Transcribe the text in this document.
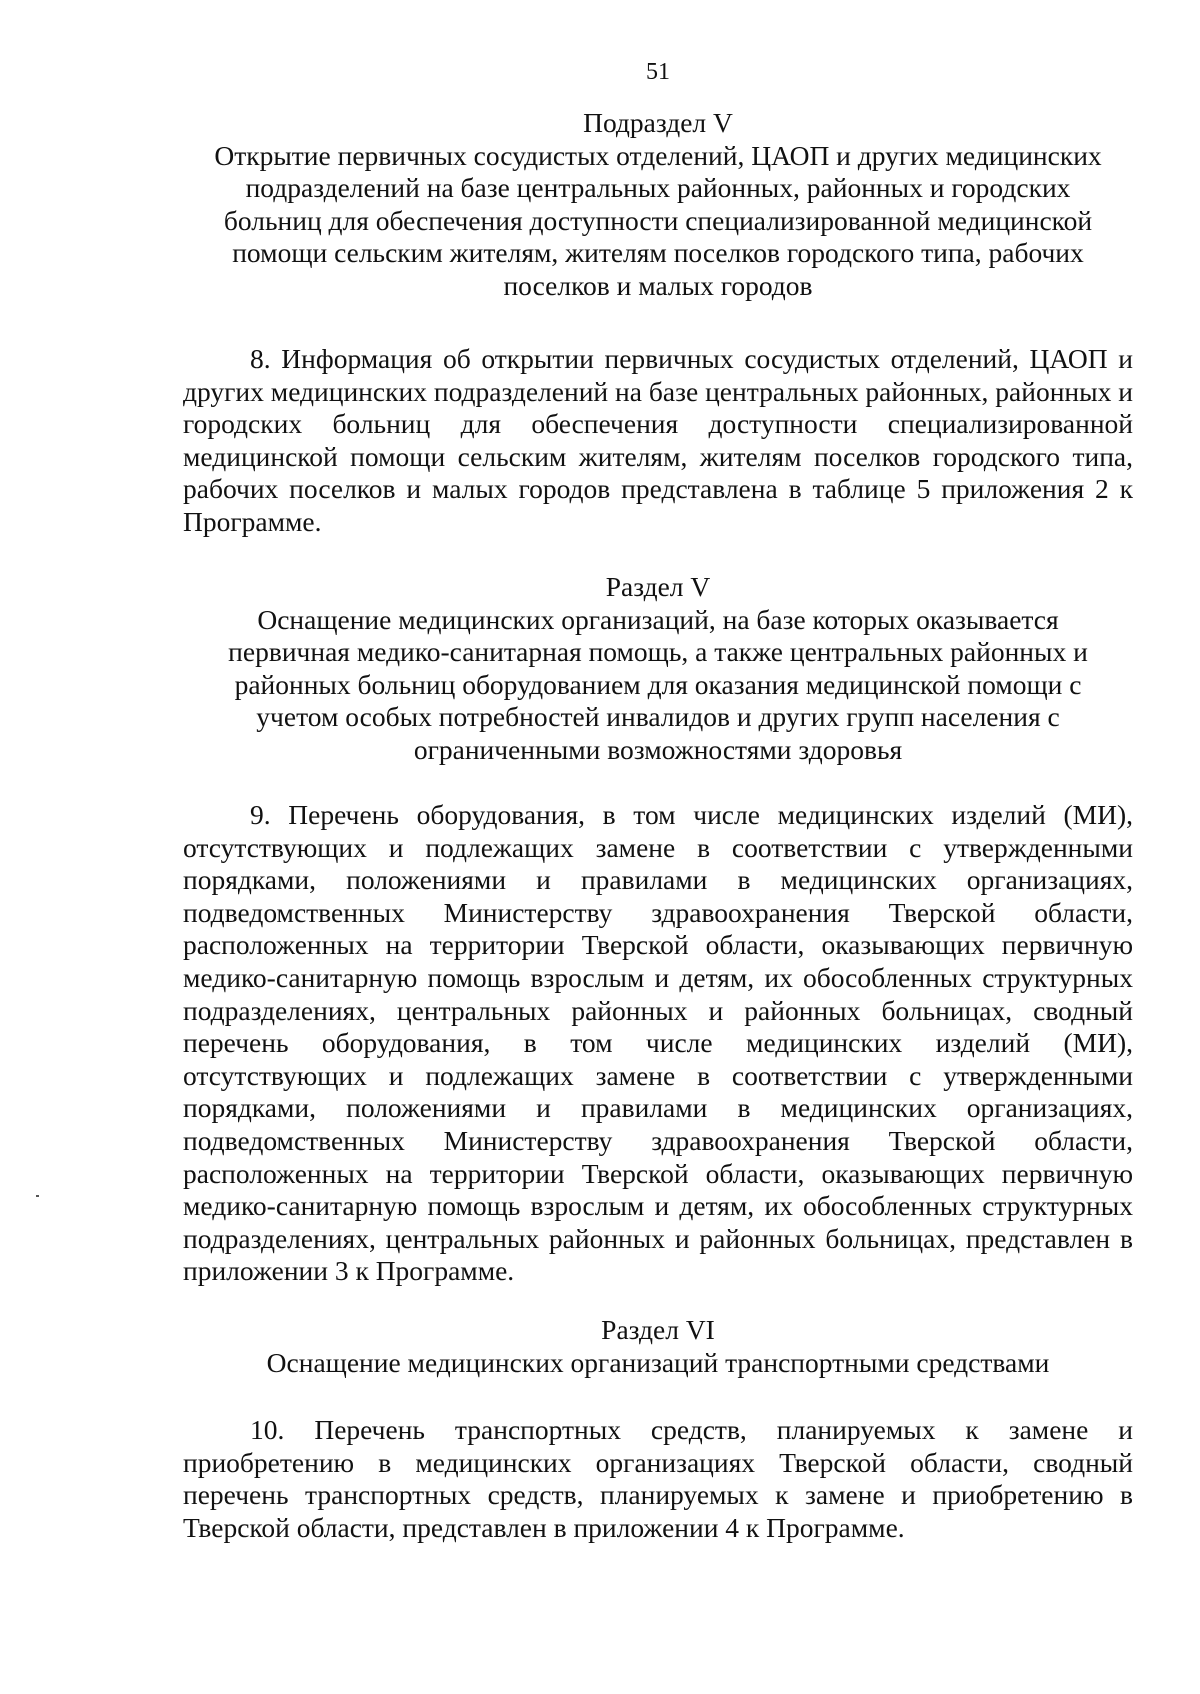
51
Подраздел V
Открытие первичных сосудистых отделений, ЦАОП и других медицинских
подразделений на базе центральных районных, районных и городских
больниц для обеспечения доступности специализированной медицинской
помощи сельским жителям, жителям поселков городского типа, рабочих
поселков и малых городов
8. Информация об открытии первичных сосудистых отделений, ЦАОП и других медицинских подразделений на базе центральных районных, районных и городских больниц для обеспечения доступности специализированной медицинской помощи сельским жителям, жителям поселков городского типа, рабочих поселков и малых городов представлена в таблице 5 приложения 2 к Программе.
Раздел V
Оснащение медицинских организаций, на базе которых оказывается
первичная медико-санитарная помощь, а также центральных районных и
районных больниц оборудованием для оказания медицинской помощи с
учетом особых потребностей инвалидов и других групп населения с
ограниченными возможностями здоровья
9. Перечень оборудования, в том числе медицинских изделий (МИ), отсутствующих и подлежащих замене в соответствии с утвержденными порядками, положениями и правилами в медицинских организациях, подведомственных Министерству здравоохранения Тверской области, расположенных на территории Тверской области, оказывающих первичную медико-санитарную помощь взрослым и детям, их обособленных структурных подразделениях, центральных районных и районных больницах, сводный перечень оборудования, в том числе медицинских изделий (МИ), отсутствующих и подлежащих замене в соответствии с утвержденными порядками, положениями и правилами в медицинских организациях, подведомственных Министерству здравоохранения Тверской области, расположенных на территории Тверской области, оказывающих первичную медико-санитарную помощь взрослым и детям, их обособленных структурных подразделениях, центральных районных и районных больницах, представлен в приложении 3 к Программе.
Раздел VI
Оснащение медицинских организаций транспортными средствами
10. Перечень транспортных средств, планируемых к замене и приобретению в медицинских организациях Тверской области, сводный перечень транспортных средств, планируемых к замене и приобретению в Тверской области, представлен в приложении 4 к Программе.
